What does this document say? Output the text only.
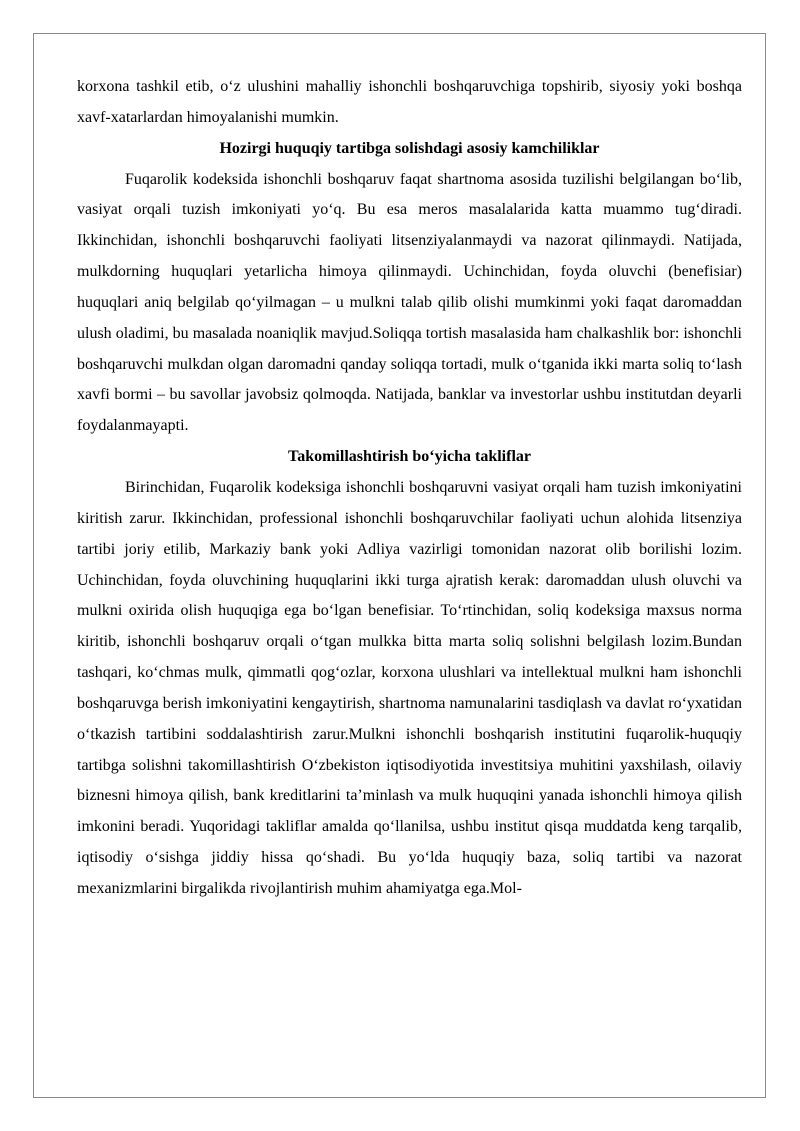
korxona tashkil etib, o‘z ulushini mahalliy ishonchli boshqaruvchiga topshirib, siyosiy yoki boshqa xavf-xatarlardan himoyalanishi mumkin.

Hozirgi huquqiy tartibga solishdagi asosiy kamchiliklar

Fuqarolik kodeksida ishonchli boshqaruv faqat shartnoma asosida tuzilishi belgilangan bo‘lib, vasiyat orqali tuzish imkoniyati yo‘q. Bu esa meros masalalarida katta muammo tug‘diradi. Ikkinchidan, ishonchli boshqaruvchi faoliyati litsenziyalanmaydi va nazorat qilinmaydi. Natijada, mulkdorning huquqlari yetarlicha himoya qilinmaydi. Uchinchidan, foyda oluvchi (benefisiar) huquqlari aniq belgilab qo‘yilmagan – u mulkni talab qilib olishi mumkinmi yoki faqat daromaddan ulush oladimi, bu masalada noaniqlik mavjud.Soliqqa tortish masalasida ham chalkashlik bor: ishonchli boshqaruvchi mulkdan olgan daromadni qanday soliqqa tortadi, mulk o‘tganida ikki marta soliq to‘lash xavfi bormi – bu savollar javobsiz qolmoqda. Natijada, banklar va investorlar ushbu institutdan deyarli foydalanmayapti.

Takomillashtirish bo‘yicha takliflar

Birinchidan, Fuqarolik kodeksiga ishonchli boshqaruvni vasiyat orqali ham tuzish imkoniyatini kiritish zarur. Ikkinchidan, professional ishonchli boshqaruvchilar faoliyati uchun alohida litsenziya tartibi joriy etilib, Markaziy bank yoki Adliya vazirligi tomonidan nazorat olib borilishi lozim. Uchinchidan, foyda oluvchining huquqlarini ikki turga ajratish kerak: daromaddan ulush oluvchi va mulkni oxirida olish huquqiga ega bo‘lgan benefisiar. To‘rtinchidan, soliq kodeksiga maxsus norma kiritib, ishonchli boshqaruv orqali o‘tgan mulkka bitta marta soliq solishni belgilash lozim.Bundan tashqari, ko‘chmas mulk, qimmatli qog‘ozlar, korxona ulushlari va intellektual mulkni ham ishonchli boshqaruvga berish imkoniyatini kengaytirish, shartnoma namunalarini tasdiqlash va davlat ro‘yxatidan o‘tkazish tartibini soddalashtirish zarur.Mulkni ishonchli boshqarish institutini fuqarolik-huquqiy tartibga solishni takomillashtirish O‘zbekiston iqtisodiyotida investitsiya muhitini yaxshilash, oilaviy biznesni himoya qilish, bank kreditlarini ta’minlash va mulk huquqini yanada ishonchli himoya qilish imkonini beradi. Yuqoridagi takliflar amalda qo‘llanilsa, ushbu institut qisqa muddatda keng tarqalib, iqtisodiy o‘sishga jiddiy hissa qo‘shadi. Bu yo‘lda huquqiy baza, soliq tartibi va nazorat mexanizmlarini birgalikda rivojlantirish muhim ahamiyatga ega.Mol-
